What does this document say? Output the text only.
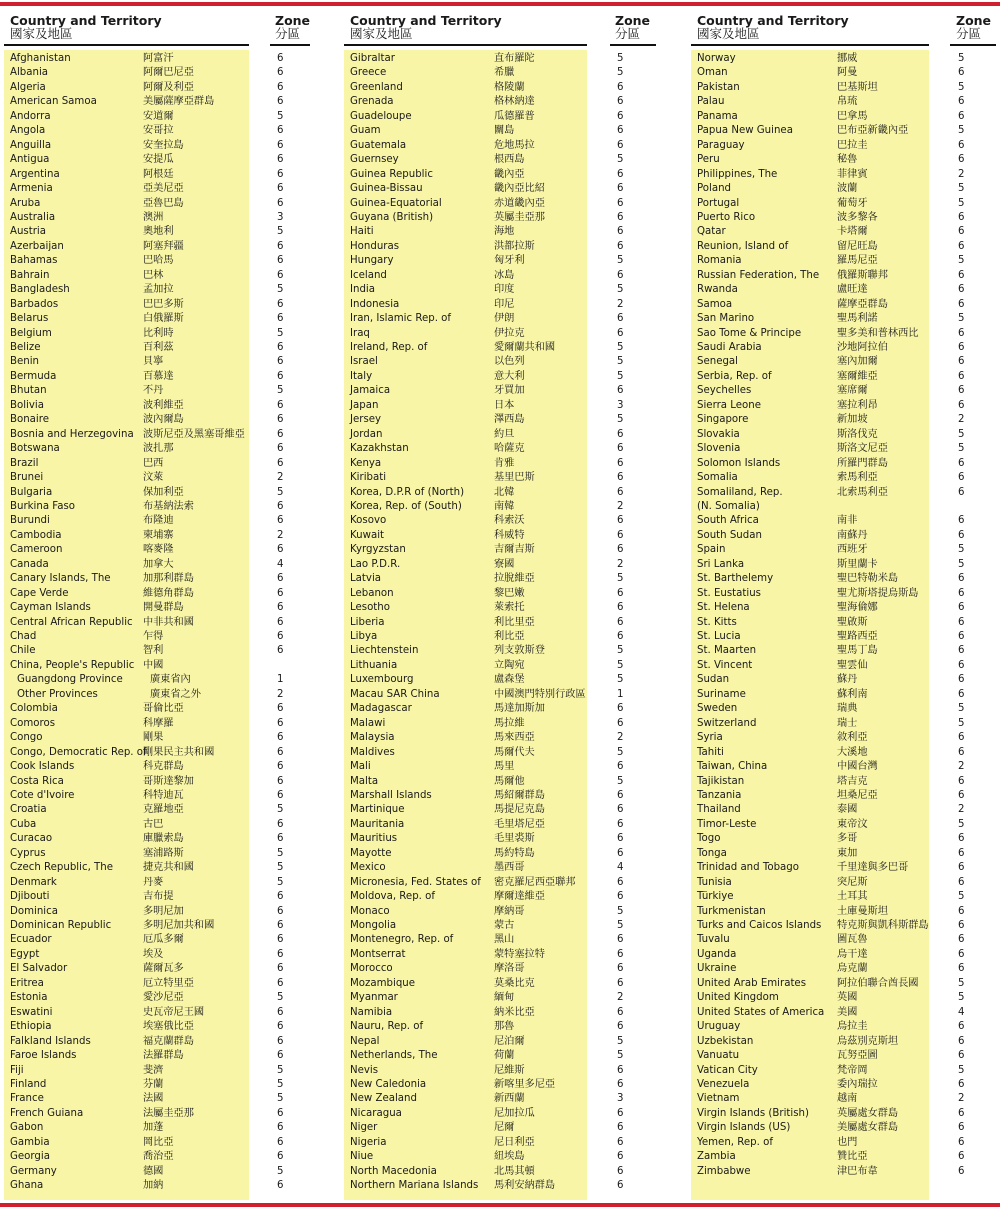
Country and Territory
國家及地區
Zone
分區
Afghanistan	阿富汗	6
Albania	阿爾巴尼亞	6
Algeria	阿爾及利亞	6
American Samoa	美屬薩摩亞群島	6
Andorra	安道爾	5
Angola	安哥拉	6
Anguilla	安奎拉島	6
Antigua	安提瓜	6
Argentina	阿根廷	6
Armenia	亞美尼亞	6
Aruba	亞魯巴島	6
Australia	澳洲	3
Austria	奧地利	5
Azerbaijan	阿塞拜疆	6
Bahamas	巴哈馬	6
Bahrain	巴林	6
Bangladesh	孟加拉	5
Barbados	巴巴多斯	6
Belarus	白俄羅斯	6
Belgium	比利時	5
Belize	百利茲	6
Benin	貝寧	6
Bermuda	百慕達	6
Bhutan	不丹	5
Bolivia	波利維亞	6
Bonaire	波內爾島	6
Bosnia and Herzegovina 波斯尼亞及黑塞哥維亞	6
Botswana	波扎那	6
Brazil	巴西	6
Brunei	汶萊	2
Bulgaria	保加利亞	5
Burkina Faso	布基納法索	6
Burundi	布隆迪	6
Cambodia	柬埔寨	2
Cameroon	喀麥隆	6
Canada	加拿大	4
Canary Islands, The	加那利群島	6
Cape Verde	維德角群島	6
Cayman Islands	開曼群島	6
Central African Republic 中非共和國	6
Chad	乍得	6
Chile	智利	6
China, People's Republic 中國
Guangdong Province	廣東省內	1
Other Provinces	廣東省之外	2
Colombia	哥倫比亞	6
Comoros	科摩羅	6
Congo	剛果	6
Congo, Democratic Rep. of
剛果民主共和國	6
Cook Islands	科克群島	6
Costa Rica	哥斯達黎加	6
Cote d'Ivoire	科特迪瓦	6
Croatia	克羅地亞	5
Cuba	古巴	6
Curacao	庫臘索島	6
Cyprus	塞浦路斯	5
Czech Republic, The	捷克共和國	5
Denmark	丹麥	5
Djibouti	吉布提	6
Dominica	多明尼加	6
Dominican Republic	多明尼加共和國	6
Ecuador	厄瓜多爾	6
Egypt	埃及	6
El Salvador	薩爾瓦多	6
Eritrea	厄立特里亞	6
Estonia	愛沙尼亞	5
Eswatini	史瓦帝尼王國	6
Ethiopia	埃塞俄比亞	6
Falkland Islands	福克蘭群島	6
Faroe Islands	法羅群島	6
Fiji	斐濟	5
Finland	芬蘭	5
France	法國	5
French Guiana	法屬圭亞那	6
Gabon	加蓬	6
Gambia	岡比亞	6
Georgia	喬治亞	6
Germany	德國	5
Ghana	加納	6
Country and Territory
國家及地區
Zone
分區
Gibraltar	直布羅陀	5
Greece	希臘	5
Greenland	格陵蘭	6
Grenada	格林納達	6
Guadeloupe	瓜德羅普	6
Guam	關島	6
Guatemala	危地馬拉	6
Guernsey	根西島	5
Guinea Republic	畿內亞	6
Guinea-Bissau	畿內亞比紹	6
Guinea-Equatorial	赤道畿內亞	6
Guyana (British)	英屬圭亞那	6
Haiti	海地	6
Honduras	洪都拉斯	6
Hungary	匈牙利	5
Iceland	冰島	6
India	印度	5
Indonesia	印尼	2
Iran, Islamic Rep. of	伊朗	6
Iraq	伊拉克	6
Ireland, Rep. of	愛爾蘭共和國	5
Israel	以色列	5
Italy	意大利	5
Jamaica	牙買加	6
Japan	日本	3
Jersey	澤西島	5
Jordan	約旦	6
Kazakhstan	哈薩克	6
Kenya	肯雅	6
Kiribati	基里巴斯	6
Korea, D.P.R of (North)	北韓	6
Korea, Rep. of (South)	南韓	2
Kosovo	科索沃	6
Kuwait	科威特	6
Kyrgyzstan	吉爾吉斯	6
Lao P.D.R.	寮國	2
Latvia	拉脫維亞	5
Lebanon	黎巴嫩	6
Lesotho	萊索托	6
Liberia	利比里亞	6
Libya	利比亞	6
Liechtenstein	列支敦斯登	5
Lithuania	立陶宛	5
Luxembourg	盧森堡	5
Macau SAR China	中國澳門特別行政區	1
Madagascar	馬達加斯加	6
Malawi	馬拉維	6
Malaysia	馬來西亞	2
Maldives	馬爾代夫	5
Mali	馬里	6
Malta	馬爾他	5
Marshall Islands	馬紹爾群島	6
Martinique	馬提尼克島	6
Mauritania	毛里塔尼亞	6
Mauritius	毛里裘斯	6
Mayotte	馬約特島	6
Mexico	墨西哥	4
Micronesia, Fed. States of 密克羅尼西亞聯邦	6
Moldova, Rep. of	摩爾達維亞	6
Monaco	摩納哥	5
Mongolia	蒙古	5
Montenegro, Rep. of	黑山	6
Montserrat	蒙特塞拉特	6
Morocco	摩洛哥	6
Mozambique	莫桑比克	6
Myanmar	緬甸	2
Namibia	納米比亞	6
Nauru, Rep. of	那魯	6
Nepal	尼泊爾	5
Netherlands, The	荷蘭	5
Nevis	尼維斯	6
New Caledonia	新喀里多尼亞	6
New Zealand	新西蘭	3
Nicaragua	尼加拉瓜	6
Niger	尼爾	6
Nigeria	尼日利亞	6
Niue	紐埃島	6
North Macedonia	北馬其頓	6
Northern Mariana Islands 馬利安納群島	6
Country and Territory
國家及地區
Zone
分區
Norway	挪威	5
Oman	阿曼	6
Pakistan	巴基斯坦	5
Palau	帛琉	6
Panama	巴拿馬	6
Papua New Guinea	巴布亞新畿內亞	5
Paraguay	巴拉圭	6
Peru	秘魯	6
Philippines, The	菲律賓	2
Poland	波蘭	5
Portugal	葡萄牙	5
Puerto Rico	波多黎各	6
Qatar	卡塔爾	6
Reunion, Island of	留尼旺島	6
Romania	羅馬尼亞	5
Russian Federation, The 俄羅斯聯邦	6
Rwanda	盧旺達	6
Samoa	薩摩亞群島	6
San Marino	聖馬利諾	5
Sao Tome & Principe	聖多美和普林西比	6
Saudi Arabia	沙地阿拉伯	6
Senegal	塞內加爾	6
Serbia, Rep. of	塞爾維亞	6
Seychelles	塞席爾	6
Sierra Leone	塞拉利昂	6
Singapore	新加坡	2
Slovakia	斯洛伐克	5
Slovenia	斯洛文尼亞	5
Solomon Islands	所羅門群島	6
Somalia	索馬利亞	6
Somaliland, Rep.	北索馬利亞	6
(N. Somalia)
South Africa	南非	6
South Sudan	南蘇丹	6
Spain	西班牙	5
Sri Lanka	斯里蘭卡	5
St. Barthelemy	聖巴特勒米島	6
St. Eustatius	聖尤斯塔提烏斯島	6
St. Helena	聖海倫娜	6
St. Kitts	聖啟斯	6
St. Lucia	聖路西亞	6
St. Maarten	聖馬丁島	6
St. Vincent	聖雲仙	6
Sudan	蘇丹	6
Suriname	蘇利南	6
Sweden	瑞典	5
Switzerland	瑞士	5
Syria	敘利亞	6
Tahiti	大溪地	6
Taiwan, China	中國台灣	2
Tajikistan	塔吉克	6
Tanzania	坦桑尼亞	6
Thailand	泰國	2
Timor-Leste	東帝汶	5
Togo	多哥	6
Tonga	東加	6
Trinidad and Tobago	千里達與多巴哥	6
Tunisia	突尼斯	6
Türkiye	土耳其	5
Turkmenistan	土庫曼斯坦	6
Turks and Caicos Islands 特克斯與凱科斯群島	6
Tuvalu	圖瓦魯	6
Uganda	烏干達	6
Ukraine	烏克蘭	6
United Arab Emirates	阿拉伯聯合酋長國	5
United Kingdom	英國	5
United States of America 美國	4
Uruguay	烏拉圭	6
Uzbekistan	烏茲別克斯坦	6
Vanuatu	瓦努亞圖	6
Vatican City	梵帝岡	5
Venezuela	委內瑞拉	6
Vietnam	越南	2
Virgin Islands (British)	英屬處女群島	6
Virgin Islands (US)	美屬處女群島	6
Yemen, Rep. of	也門	6
Zambia	贊比亞	6
Zimbabwe	津巴布韋	6
